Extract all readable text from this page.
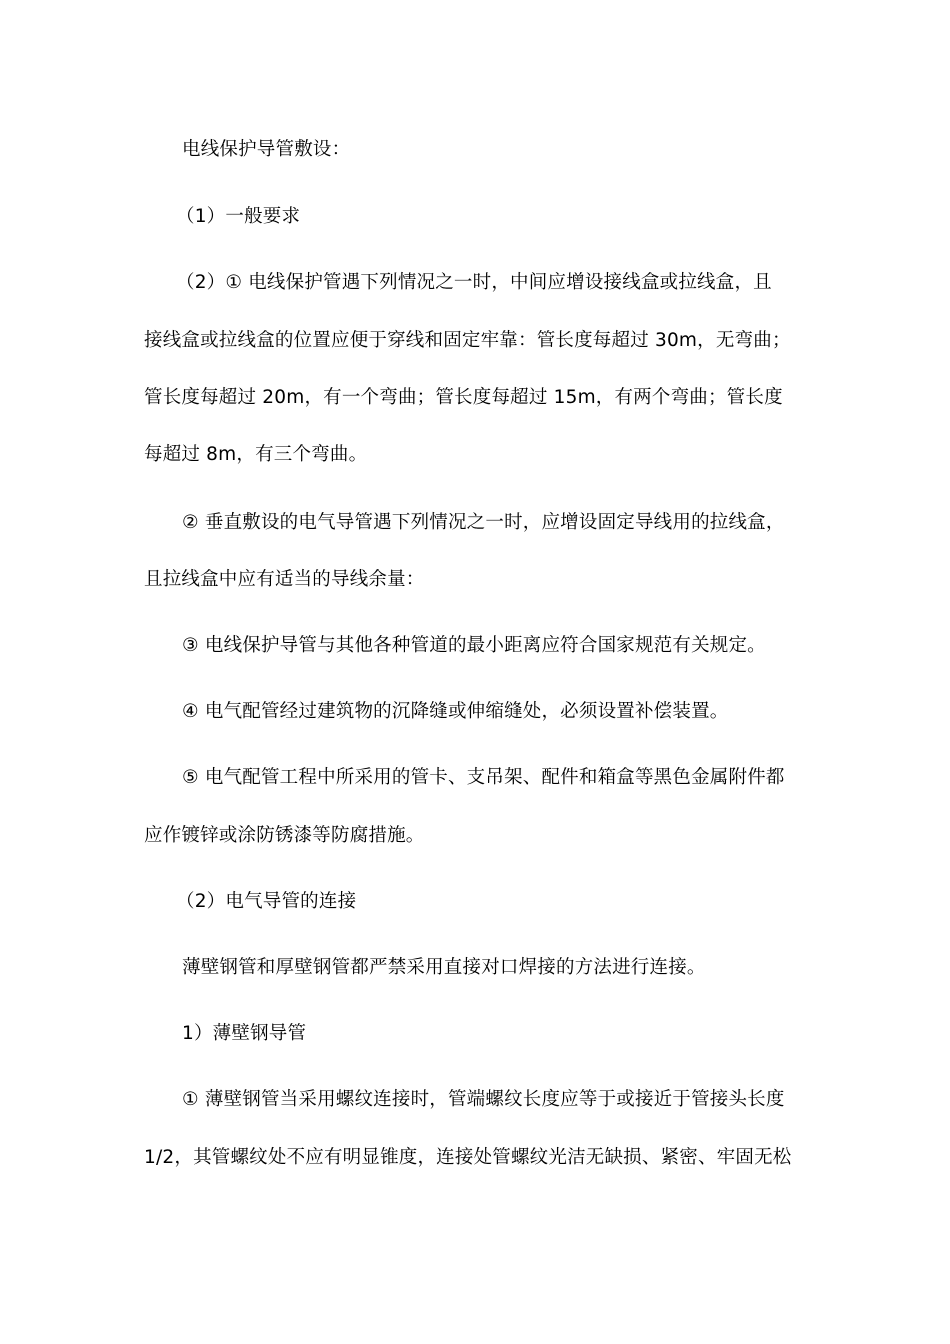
电线保护导管敷设：
（1）一般要求
（2）① 电线保护管遇下列情况之一时，中间应增设接线盒或拉线盒，且
接线盒或拉线盒的位置应便于穿线和固定牢靠：管长度每超过 30m，无弯曲；
管长度每超过 20m，有一个弯曲；管长度每超过 15m，有两个弯曲；管长度
每超过 8m，有三个弯曲。
② 垂直敷设的电气导管遇下列情况之一时，应增设固定导线用的拉线盒，
且拉线盒中应有适当的导线余量：
③ 电线保护导管与其他各种管道的最小距离应符合国家规范有关规定。
④ 电气配管经过建筑物的沉降缝或伸缩缝处，必须设置补偿装置。
⑤ 电气配管工程中所采用的管卡、支吊架、配件和箱盒等黑色金属附件都
应作镀锌或涂防锈漆等防腐措施。
（2）电气导管的连接
薄壁钢管和厚壁钢管都严禁采用直接对口焊接的方法进行连接。
1）薄壁钢导管
① 薄壁钢管当采用螺纹连接时，管端螺纹长度应等于或接近于管接头长度
1/2，其管螺纹处不应有明显锥度，连接处管螺纹光洁无缺损、紧密、牢固无松
